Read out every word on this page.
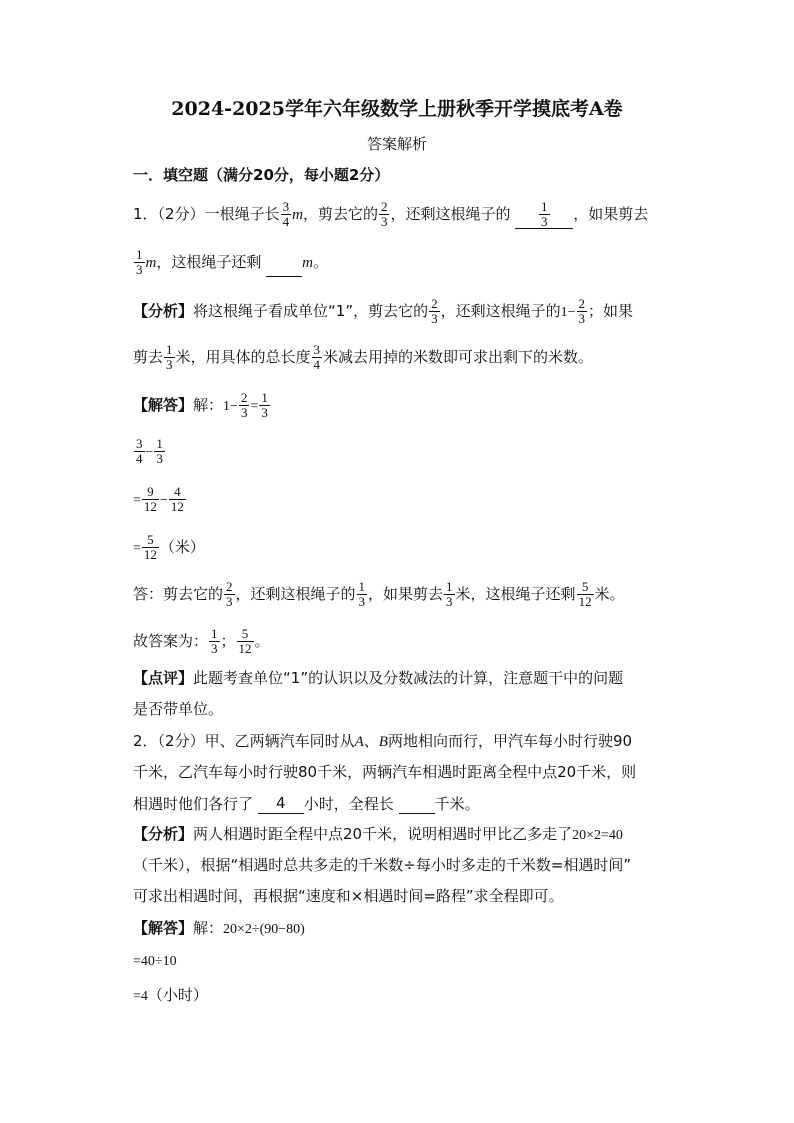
2024-2025学年六年级数学上册秋季开学摸底考A卷
答案解析
一．填空题（满分20分，每小题2分）
1．（2分）一根绳子长 $\frac{3}{4}$ m，剪去它的 $\frac{2}{3}$ ，还剩这根绳子的 $\frac{1}{3}$ ，如果剪去
$\frac{1}{3}$ m，这根绳子还剩	m。
【分析】将这根绳子看成单位“1”，剪去它的 $\frac{2}{3}$ ，还剩这根绳子的$1- \frac{2}{3}$ ；如果
剪去 $\frac{1}{3}$ 米，用具体的总长度 $\frac{3}{4}$ 米减去用掉的米数即可求出剩下的米数。
【解答】解：$1- \frac{2}{3} = \frac{1}{3}$
$\frac{3}{4} - \frac{1}{3}$
= $\frac{9}{12} - \frac{4}{12}$
= $\frac{5}{12}$ （米）
答：剪去它的 $\frac{2}{3}$ ，还剩这根绳子的 $\frac{1}{3}$ ，如果剪去 $\frac{1}{3}$ 米，这根绳子还剩 $\frac{5}{12}$ 米。
故答案为： $\frac{1}{3}$ ； $\frac{5}{12}$ 。
【点评】此题考查单位“1”的认识以及分数减法的计算，注意题干中的问题
是否带单位。
2．（2分）甲、乙两辆汽车同时从A、B两地相向而行，甲汽车每小时行驶90
千米，乙汽车每小时行驶80千米，两辆汽车相遇时距离全程中点20千米，则
相遇时他们各行了 4 小时，全程长	千米。
【分析】两人相遇时距全程中点20千米，说明相遇时甲比乙多走了20×2=40
（千米），根据“相遇时总共多走的千米数÷每小时多走的千米数=相遇时间”
可求出相遇时间，再根据“速度和×相遇时间=路程”求全程即可。
【解答】解：20×2÷(90−80)
=40÷10
=4（小时）
